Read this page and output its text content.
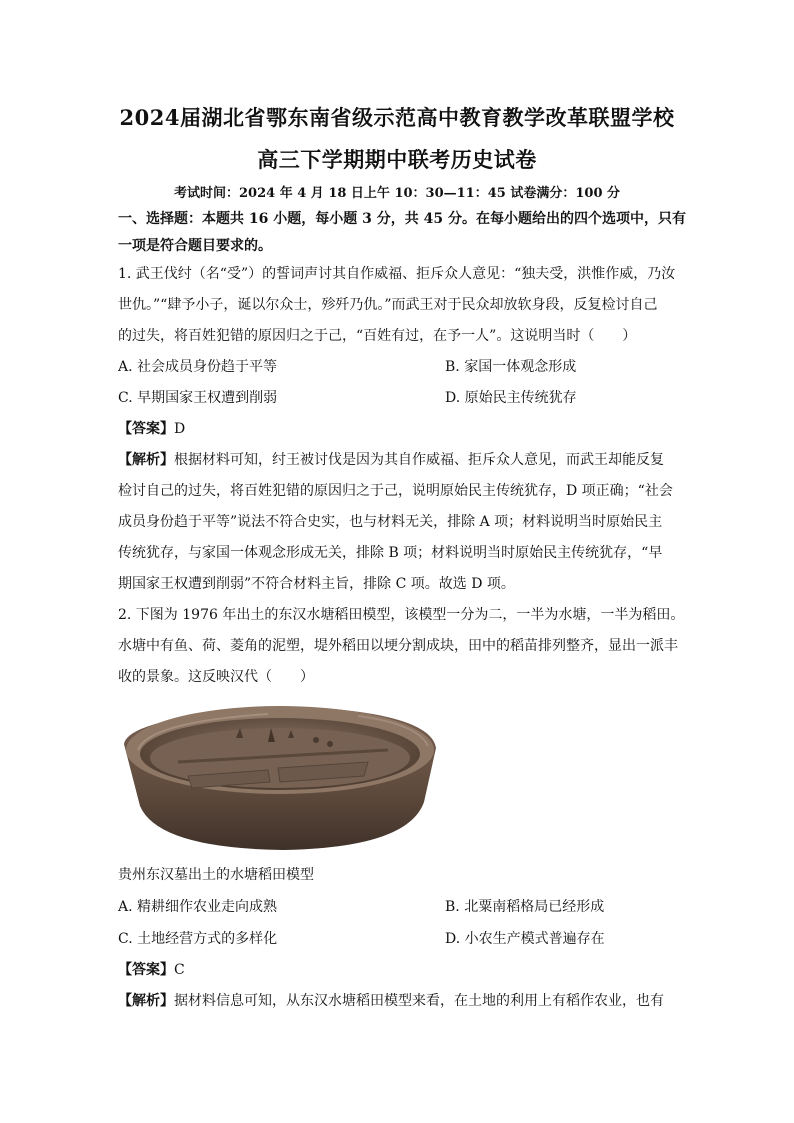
2024届湖北省鄂东南省级示范高中教育教学改革联盟学校
高三下学期期中联考历史试卷
考试时间：2024 年 4 月 18 日上午 10：30—11：45 试卷满分：100 分
一、选择题：本题共 16 小题，每小题 3 分，共 45 分。在每小题给出的四个选项中，只有
一项是符合题目要求的。
1. 武王伐纣（名“受”）的誓词声讨其自作威福、拒斥众人意见：“独夫受，洪惟作威，乃汝
世仇。”“肆予小子，诞以尔众士，殄歼乃仇。”而武王对于民众却放软身段，反复检讨自己
的过失，将百姓犯错的原因归之于己，“百姓有过，在予一人”。这说明当时（　　）
A. 社会成员身份趋于平等	B. 家国一体观念形成
C. 早期国家王权遭到削弱	D. 原始民主传统犹存
【答案】D
【解析】根据材料可知，纣王被讨伐是因为其自作威福、拒斥众人意见，而武王却能反复
检讨自己的过失，将百姓犯错的原因归之于己，说明原始民主传统犹存，D 项正确；“社会
成员身份趋于平等”说法不符合史实，也与材料无关，排除 A 项；材料说明当时原始民主
传统犹存，与家国一体观念形成无关，排除 B 项；材料说明当时原始民主传统犹存，“早
期国家王权遭到削弱”不符合材料主旨，排除 C 项。故选 D 项。
2. 下图为 1976 年出土的东汉水塘稻田模型，该模型一分为二，一半为水塘，一半为稻田。
水塘中有鱼、荷、菱角的泥塑，堤外稻田以埂分割成块，田中的稻苗排列整齐，显出一派丰
收的景象。这反映汉代（　　）
贵州东汉墓出土的水塘稻田模型
A. 精耕细作农业走向成熟	B. 北粟南稻格局已经形成
C. 土地经营方式的多样化	D. 小农生产模式普遍存在
【答案】C
【解析】据材料信息可知，从东汉水塘稻田模型来看，在土地的利用上有稻作农业，也有
